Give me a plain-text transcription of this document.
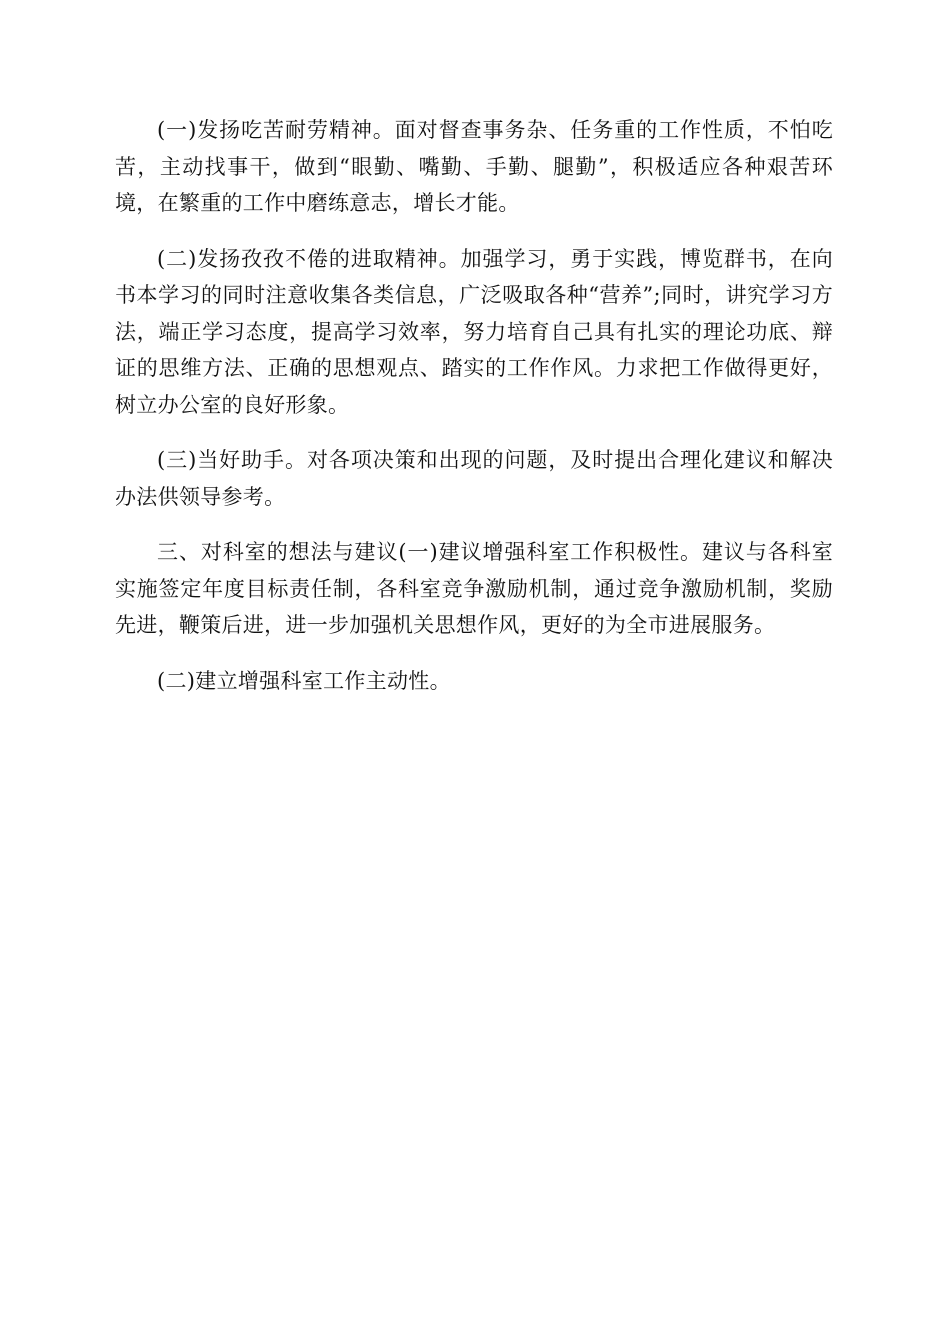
(一)发扬吃苦耐劳精神。面对督查事务杂、任务重的工作性质，不怕吃苦，主动找事干，做到“眼勤、嘴勤、手勤、腿勤”，积极适应各种艰苦环境，在繁重的工作中磨练意志，增长才能。

(二)发扬孜孜不倦的进取精神。加强学习，勇于实践，博览群书，在向书本学习的同时注意收集各类信息，广泛吸取各种“营养”;同时，讲究学习方法，端正学习态度，提高学习效率，努力培育自己具有扎实的理论功底、辩证的思维方法、正确的思想观点、踏实的工作作风。力求把工作做得更好，树立办公室的良好形象。

(三)当好助手。对各项决策和出现的问题，及时提出合理化建议和解决办法供领导参考。

三、对科室的想法与建议(一)建议增强科室工作积极性。建议与各科室实施签定年度目标责任制，各科室竞争激励机制，通过竞争激励机制，奖励先进，鞭策后进，进一步加强机关思想作风，更好的为全市进展服务。

(二)建立增强科室工作主动性。
